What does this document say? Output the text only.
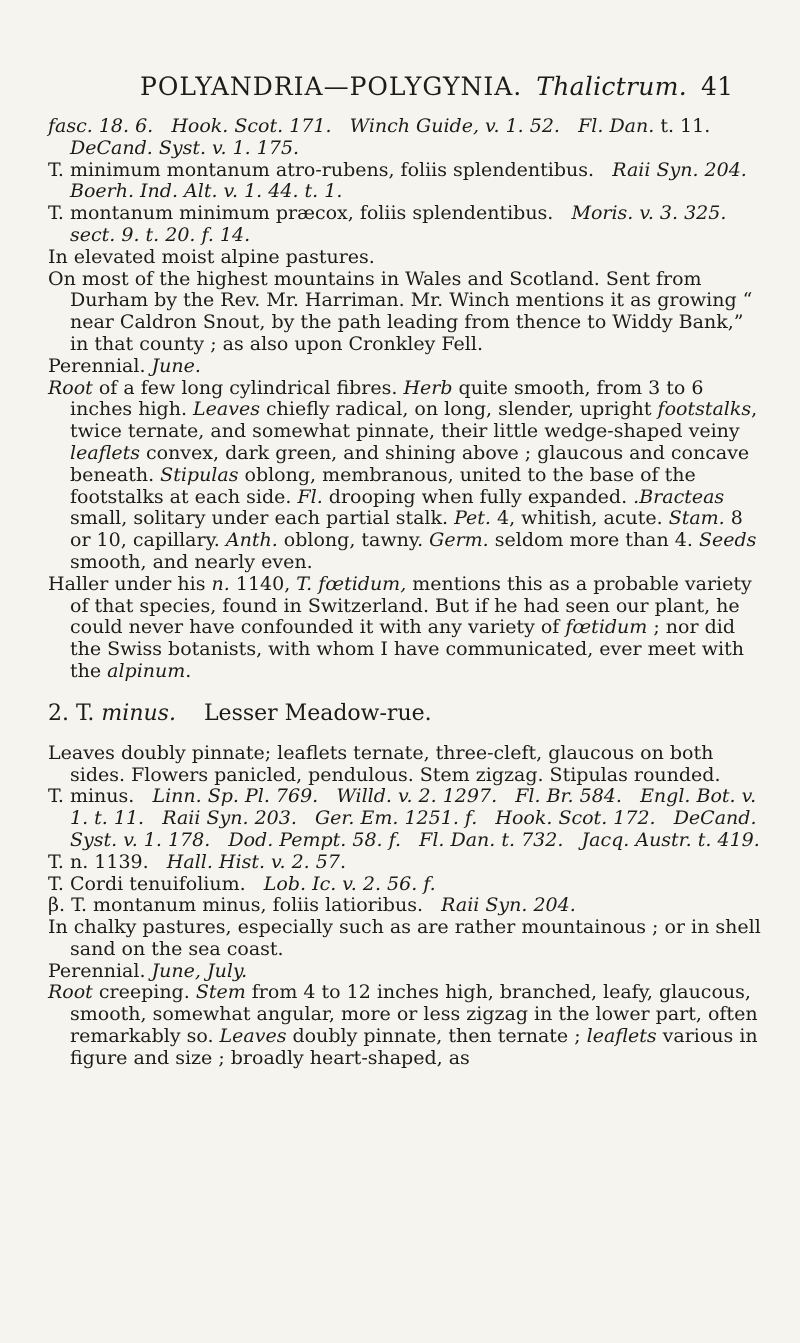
POLYANDRIA—POLYGYNIA. Thalictrum. 41

fasc. 18. 6. Hook. Scot. 171. Winch Guide, v. 1. 52. Fl. Dan. t. 11.   DeCand. Syst. v. 1. 175.

T. minimum montanum atro-rubens, foliis splendentibus. Raii Syn. 204.   Boerh. Ind. Alt. v. 1. 44. t. 1.

T. montanum minimum præcox, foliis splendentibus. Moris. v. 3. 325. sect. 9. t. 20. f. 14.

In elevated moist alpine pastures.

On most of the highest mountains in Wales and Scotland. Sent from Durham by the Rev. Mr. Harriman. Mr. Winch mentions it as growing “ near Caldron Snout, by the path leading from thence to Widdy Bank,” in that county ; as also upon Cronkley Fell.

Perennial. June.

Root of a few long cylindrical fibres. Herb quite smooth, from 3 to 6 inches high. Leaves chiefly radical, on long, slender, upright footstalks, twice ternate, and somewhat pinnate, their little wedge-shaped veiny leaflets convex, dark green, and shining above ; glaucous and concave beneath. Stipulas oblong, membranous, united to the base of the footstalks at each side. Fl. drooping when fully expanded. .Bracteas small, solitary under each partial stalk. Pet. 4, whitish, acute. Stam. 8 or 10, capillary. Anth. oblong, tawny. Germ. seldom more than 4. Seeds smooth, and nearly even.

Haller under his n. 1140, T. fœtidum, mentions this as a probable variety of that species, found in Switzerland. But if he had seen our plant, he could never have confounded it with any variety of fœtidum ; nor did the Swiss botanists, with whom I have communicated, ever meet with the alpinum.

2. T. minus. Lesser Meadow-rue.

Leaves doubly pinnate; leaflets ternate, three-cleft, glaucous on both sides. Flowers panicled, pendulous. Stem zigzag. Stipulas rounded.

T. minus. Linn. Sp. Pl. 769. Willd. v. 2. 1297. Fl. Br. 584. Engl. Bot. v. 1. t. 11. Raii Syn. 203. Ger. Em. 1251. f. Hook. Scot. 172. DeCand. Syst. v. 1. 178. Dod. Pempt. 58. f. Fl. Dan. t. 732. Jacq. Austr. t. 419.

T. n. 1139. Hall. Hist. v. 2. 57.

T. Cordi tenuifolium. Lob. Ic. v. 2. 56. f.

β. T. montanum minus, foliis latioribus. Raii Syn. 204.

In chalky pastures, especially such as are rather mountainous ; or in shell sand on the sea coast.

Perennial. June, July.

Root creeping. Stem from 4 to 12 inches high, branched, leafy, glaucous, smooth, somewhat angular, more or less zigzag in the lower part, often remarkably so. Leaves doubly pinnate, then ternate ; leaflets various in figure and size ; broadly heart-shaped, as
